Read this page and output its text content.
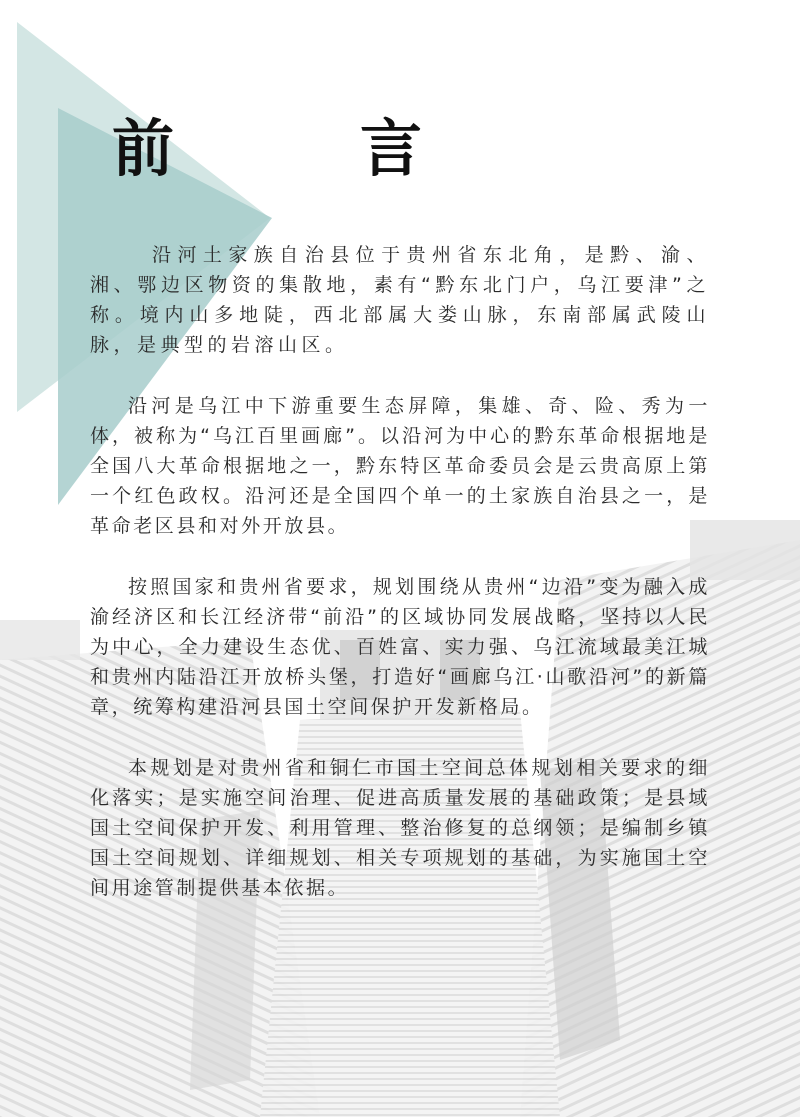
前　言

沿河土家族自治县位于贵州省东北角，是黔、渝、湘、鄂边区物资的集散地，素有“黔东北门户，乌江要津”之称。境内山多地陡，西北部属大娄山脉，东南部属武陵山脉，是典型的岩溶山区。

沿河是乌江中下游重要生态屏障，集雄、奇、险、秀为一体，被称为“乌江百里画廊”。以沿河为中心的黔东革命根据地是全国八大革命根据地之一，黔东特区革命委员会是云贵高原上第一个红色政权。沿河还是全国四个单一的土家族自治县之一，是革命老区县和对外开放县。

按照国家和贵州省要求，规划围绕从贵州“边沿”变为融入成渝经济区和长江经济带“前沿”的区域协同发展战略，坚持以人民为中心，全力建设生态优、百姓富、实力强、乌江流域最美江城和贵州内陆沿江开放桥头堡，打造好“画廊乌江·山歌沿河”的新篇章，统筹构建沿河县国土空间保护开发新格局。

本规划是对贵州省和铜仁市国土空间总体规划相关要求的细化落实；是实施空间治理、促进高质量发展的基础政策；是县域国土空间保护开发、利用管理、整治修复的总纲领；是编制乡镇国土空间规划、详细规划、相关专项规划的基础，为实施国土空间用途管制提供基本依据。
